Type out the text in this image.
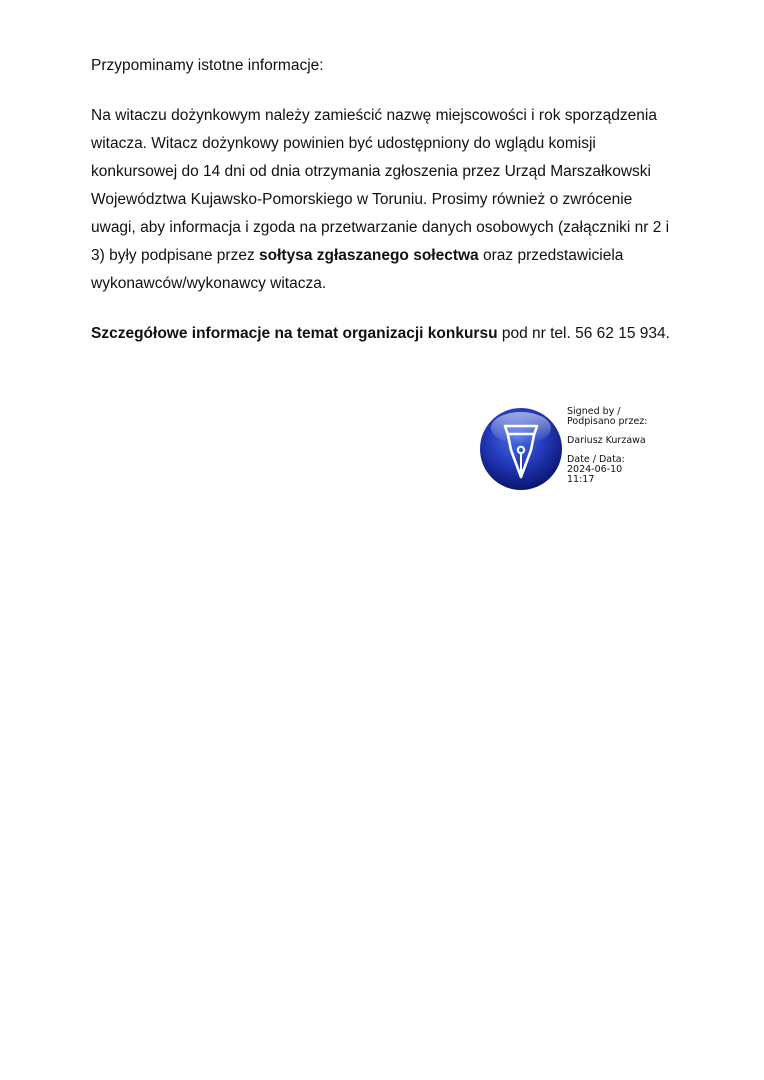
Przypominamy istotne informacje:

Na witaczu dożynkowym należy zamieścić nazwę miejscowości i rok sporządzenia witacza. Witacz dożynkowy powinien być udostępniony do wglądu komisji konkursowej do 14 dni od dnia otrzymania zgłoszenia przez Urząd Marszałkowski Województwa Kujawsko-Pomorskiego w Toruniu. Prosimy również o zwrócenie uwagi, aby informacja i zgoda na przetwarzanie danych osobowych (załączniki nr 2 i 3) były podpisane przez sołtysa zgłaszanego sołectwa oraz przedstawiciela wykonawców/wykonawcy witacza.

Szczegółowe informacje na temat organizacji konkursu pod nr tel. 56 62 15 934.

Signed by /
Podpisano przez:
Dariusz Kurzawa
Date / Data:
2024-06-10
11:17
